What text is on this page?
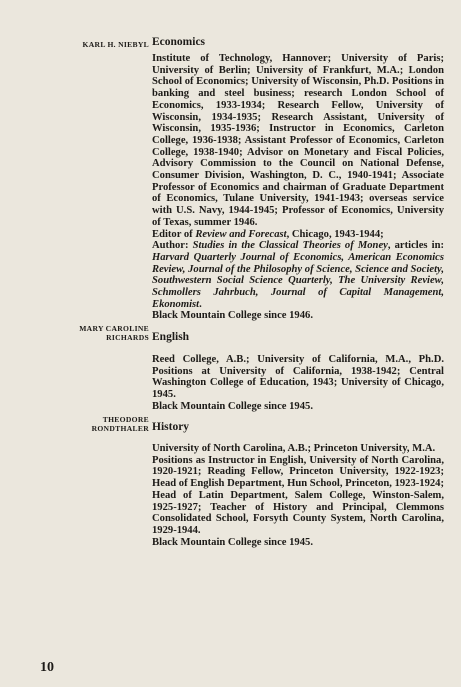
KARL H. NIEBYL Economics

Institute of Technology, Hannover; University of Paris; University of Berlin; University of Frankfurt, M.A.; London School of Economics; University of Wisconsin, Ph.D. Positions in banking and steel business; research London School of Economics, 1933-1934; Research Fellow, University of Wisconsin, 1934-1935; Research Assistant, University of Wisconsin, 1935-1936; Instructor in Economics, Carleton College, 1936-1938; Assistant Professor of Economics, Carleton College, 1938-1940; Advisor on Monetary and Fiscal Policies, Advisory Commission to the Council on National Defense, Consumer Division, Washington, D. C., 1940-1941; Associate Professor of Economics and chairman of Graduate Department of Economics, Tulane University, 1941-1943; overseas service with U.S. Navy, 1944-1945; Professor of Economics, University of Texas, summer 1946.

Editor of Review and Forecast, Chicago, 1943-1944;

Author: Studies in the Classical Theories of Money, articles in: Harvard Quarterly Journal of Economics, American Economics Review, Journal of the Philosophy of Science, Science and Society, Southwestern Social Science Quarterly, The University Review, Schmollers Jahrbuch, Journal of Capital Management, Ekonomist.

Black Mountain College since 1946.

MARY CAROLINE
RICHARDS English

Reed College, A.B.; University of California, M.A., Ph.D. Positions at University of California, 1938-1942; Central Washington College of Education, 1943; University of Chicago, 1945.

Black Mountain College since 1945.

THEODORE
RONDTHALER History

University of North Carolina, A.B.; Princeton University, M.A.

Positions as Instructor in English, University of North Carolina, 1920-1921; Reading Fellow, Princeton University, 1922-1923; Head of English Department, Hun School, Princeton, 1923-1924; Head of Latin Department, Salem College, Winston-Salem, 1925-1927; Teacher of History and Principal, Clemmons Consolidated School, Forsyth County System, North Carolina, 1929-1944.

Black Mountain College since 1945.

10
